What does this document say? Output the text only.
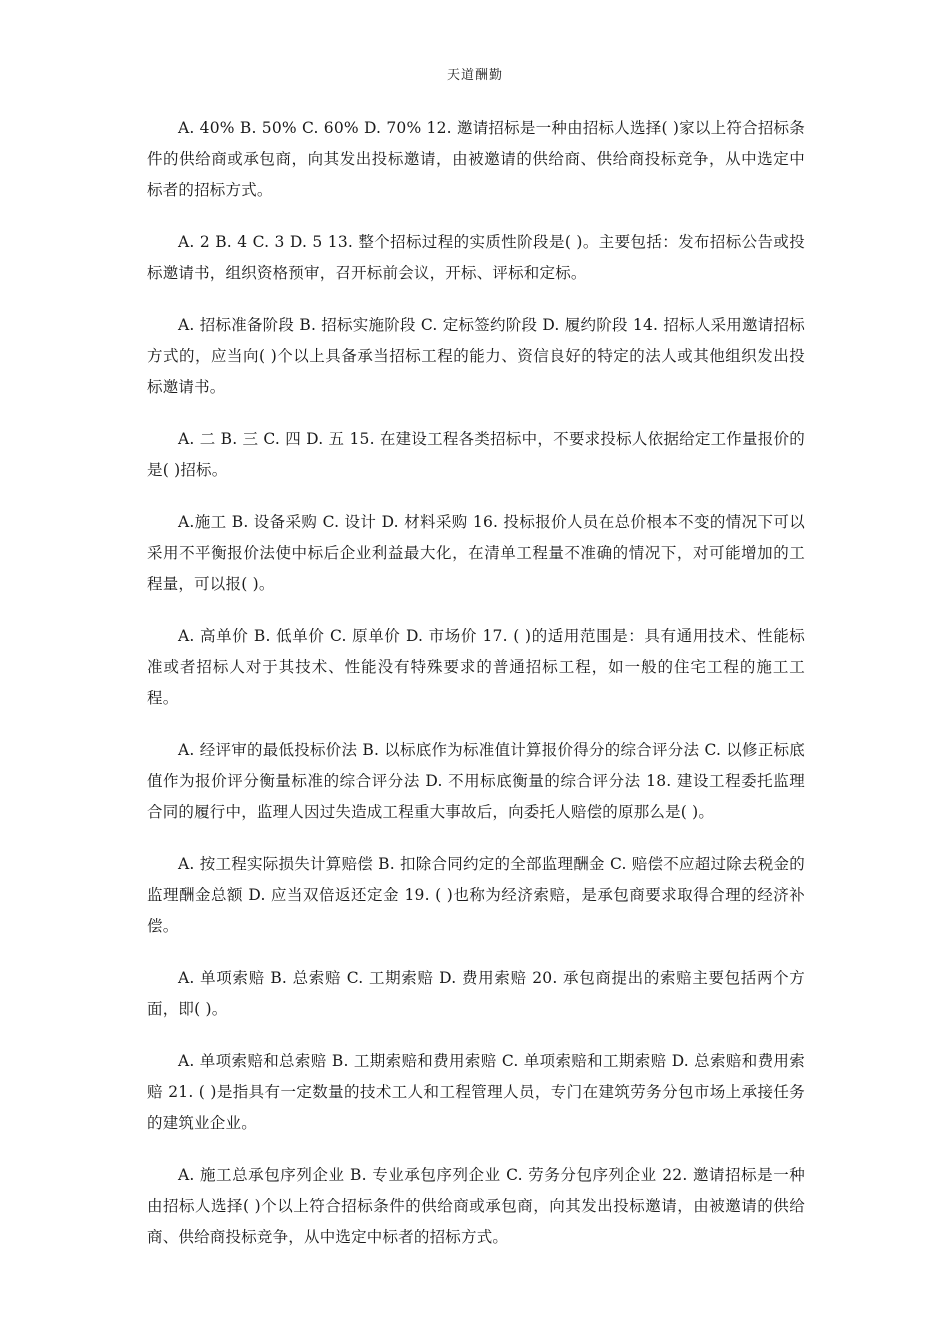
天道酬勤

A. 40% B. 50% C. 60% D. 70% 12. 邀请招标是一种由招标人选择( )家以上符合招标条件的供给商或承包商，向其发出投标邀请，由被邀请的供给商、供给商投标竞争，从中选定中标者的招标方式。

A. 2 B. 4 C. 3 D. 5 13. 整个招标过程的实质性阶段是( )。主要包括：发布招标公告或投标邀请书，组织资格预审，召开标前会议，开标、评标和定标。

A. 招标准备阶段 B. 招标实施阶段 C. 定标签约阶段 D. 履约阶段 14. 招标人采用邀请招标方式的，应当向( )个以上具备承当招标工程的能力、资信良好的特定的法人或其他组织发出投标邀请书。

A. 二 B. 三 C. 四 D. 五 15. 在建设工程各类招标中，不要求投标人依据给定工作量报价的是( )招标。

A.施工 B. 设备采购 C. 设计 D. 材料采购 16. 投标报价人员在总价根本不变的情况下可以采用不平衡报价法使中标后企业利益最大化，在清单工程量不准确的情况下，对可能增加的工程量，可以报( )。

A. 高单价 B. 低单价 C. 原单价 D. 市场价 17. ( )的适用范围是：具有通用技术、性能标准或者招标人对于其技术、性能没有特殊要求的普通招标工程，如一般的住宅工程的施工工程。

A. 经评审的最低投标价法 B. 以标底作为标准值计算报价得分的综合评分法 C. 以修正标底值作为报价评分衡量标准的综合评分法 D. 不用标底衡量的综合评分法 18. 建设工程委托监理合同的履行中，监理人因过失造成工程重大事故后，向委托人赔偿的原那么是( )。

A. 按工程实际损失计算赔偿 B. 扣除合同约定的全部监理酬金 C. 赔偿不应超过除去税金的监理酬金总额 D. 应当双倍返还定金 19. ( )也称为经济索赔，是承包商要求取得合理的经济补偿。

A. 单项索赔 B. 总索赔 C. 工期索赔 D. 费用索赔 20. 承包商提出的索赔主要包括两个方面，即( )。

A. 单项索赔和总索赔 B. 工期索赔和费用索赔 C. 单项索赔和工期索赔 D. 总索赔和费用索赔 21. ( )是指具有一定数量的技术工人和工程管理人员，专门在建筑劳务分包市场上承接任务的建筑业企业。

A. 施工总承包序列企业 B. 专业承包序列企业 C. 劳务分包序列企业 22. 邀请招标是一种由招标人选择( )个以上符合招标条件的供给商或承包商，向其发出投标邀请，由被邀请的供给商、供给商投标竞争，从中选定中标者的招标方式。
